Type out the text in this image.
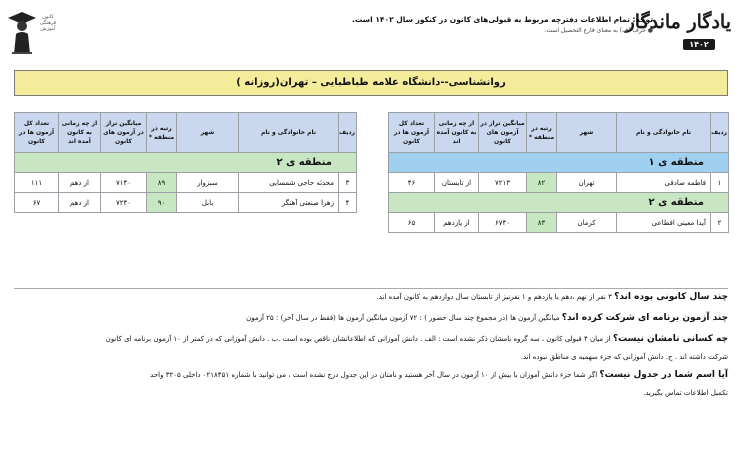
یادگار ماندگار
۱۴۰۲
توجه: تمام اطلاعات دفترچه مربوط به قبولی‌های کانون در کنکور سال ۱۴۰۲ است.
● حرف (ف) به معنای فارغ التحصیل است.
کانون فرهنگی آموزش
روانشناسی--دانشگاه علامه طباطبایی – تهران(روزانه )
ردیف	نام خانوادگی و نام	شهر	رتبه در منطقه *	میانگین تراز در آزمون های کانون	از چه زمانی به کانون آمده اند	تعداد کل آزمون ها در کانون
منطقه ی ۱						
۱	فاطمه صادقی	تهران	۸۲	۷۲۱۳	از تابستان	۴۶
منطقه ی ۲						
۲	آیدا معینی اقطاعی	کرمان	۸۳	۶۷۴۰	از یازدهم	۶۵
ردیف	نام خانوادگی و نام	شهر	رتبه در منطقه *	میانگین تراز در آزمون های کانون	از چه زمانی به کانون آمده اند	تعداد کل آزمون ها در کانون
منطقه ی ۲						
۳	محدثه حاجی شمسایی	سبزوار	۸۹	۷۱۴۰	از دهم	۱۱۱
۴	زهرا صنعتی آهنگر	بابل	۹۰	۷۲۴۰	از دهم	۶۷
چند سال کانونی بوده اند؟ ۳ نفر از نهم ،دهم یا یازدهم و ۱ نفرنیز از تابستان سال دوازدهم به کانون آمده اند.
چند آزمون برنامه ای شرکت کرده اند؟ میانگین آزمون ها (در مجموع چند سال حضور ) : ۷۲ آزمون میانگین آزمون ها (فقط در سال آخر) : ۲۵ آزمون
چه کسانی نامشان نیست؟ از میان ۴ قبولی کانون ، سه گروه نامشان ذکر نشده است : الف . دانش آموزانی که اطلاعاتشان ناقص بوده است .ب . دانش آموزانی که در کمتر از ۱۰ آزمون برنامه ای کانون
شرکت داشته اند . ج. دانش آموزانی که جزء سهمیه ی مناطق نبوده اند.
آیا اسم شما در جدول نیست؟ اگر شما جزء دانش آموزان با بیش از ۱۰ آزمون در سال آخر هستید و نامتان در این جدول درج نشده است ، می توانید با شماره ۰۲۱۸۴۵۱ داخلی ۳۲۰۵ واحد
تکمیل اطلاعات تماس بگیرید.
